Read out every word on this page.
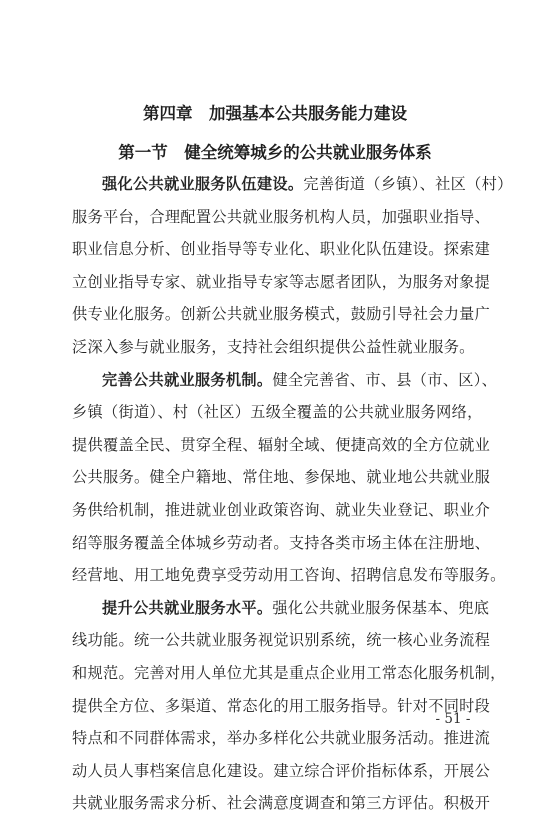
第四章　加强基本公共服务能力建设
第一节　健全统筹城乡的公共就业服务体系
强化公共就业服务队伍建设。完善街道（乡镇）、社区（村）
服务平台，合理配置公共就业服务机构人员，加强职业指导、
职业信息分析、创业指导等专业化、职业化队伍建设。探索建
立创业指导专家、就业指导专家等志愿者团队，为服务对象提
供专业化服务。创新公共就业服务模式，鼓励引导社会力量广
泛深入参与就业服务，支持社会组织提供公益性就业服务。
完善公共就业服务机制。健全完善省、市、县（市、区）、
乡镇（街道）、村（社区）五级全覆盖的公共就业服务网络，
提供覆盖全民、贯穿全程、辐射全域、便捷高效的全方位就业
公共服务。健全户籍地、常住地、参保地、就业地公共就业服
务供给机制，推进就业创业政策咨询、就业失业登记、职业介
绍等服务覆盖全体城乡劳动者。支持各类市场主体在注册地、
经营地、用工地免费享受劳动用工咨询、招聘信息发布等服务。
提升公共就业服务水平。强化公共就业服务保基本、兜底
线功能。统一公共就业服务视觉识别系统，统一核心业务流程
和规范。完善对用人单位尤其是重点企业用工常态化服务机制，
提供全方位、多渠道、常态化的用工服务指导。针对不同时段
特点和不同群体需求，举办多样化公共就业服务活动。推进流
动人员人事档案信息化建设。建立综合评价指标体系，开展公
共就业服务需求分析、社会满意度调查和第三方评估。积极开
- 51 -
